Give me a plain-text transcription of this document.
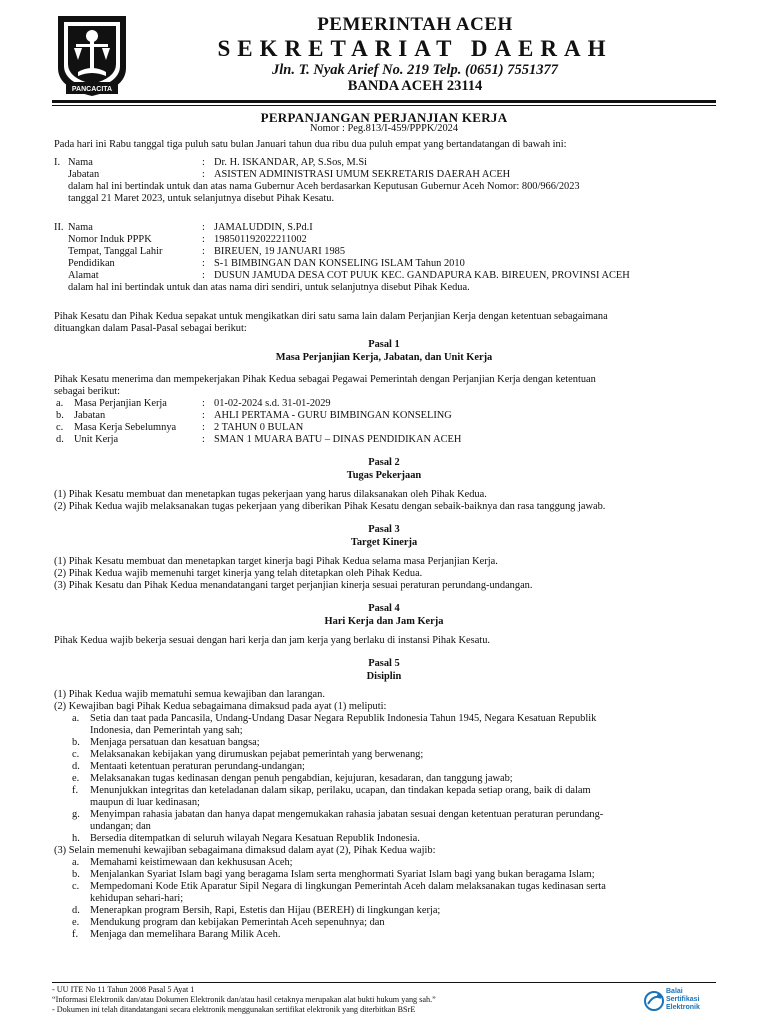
PANCACITA
PEMERINTAH ACEH
SEKRETARIAT DAERAH
Jln. T. Nyak Arief No. 219 Telp. (0651) 7551377
BANDA ACEH 23114
PERPANJANGAN PERJANJIAN KERJA
Nomor : Peg.813/I-459/PPPK/2024
Pada hari ini Rabu tanggal tiga puluh satu bulan Januari tahun dua ribu dua puluh empat yang bertandatangan di bawah ini:
I. Nama	: Dr. H. ISKANDAR, AP, S.Sos, M.Si
Jabatan	: ASISTEN ADMINISTRASI UMUM SEKRETARIS DAERAH ACEH
dalam hal ini bertindak untuk dan atas nama Gubernur Aceh berdasarkan Keputusan Gubernur Aceh Nomor: 800/966/2023
tanggal 21 Maret 2023, untuk selanjutnya disebut Pihak Kesatu.
II. Nama	: JAMALUDDIN, S.Pd.I
Nomor Induk PPPK	: 198501192022211002
Tempat, Tanggal Lahir	: BIREUEN, 19 JANUARI 1985
Pendidikan	: S-1 BIMBINGAN DAN KONSELING ISLAM Tahun 2010
Alamat	: DUSUN JAMUDA DESA COT PUUK KEC. GANDAPURA KAB. BIREUEN, PROVINSI ACEH
dalam hal ini bertindak untuk dan atas nama diri sendiri, untuk selanjutnya disebut Pihak Kedua.
Pihak Kesatu dan Pihak Kedua sepakat untuk mengikatkan diri satu sama lain dalam Perjanjian Kerja dengan ketentuan sebagaimana
dituangkan dalam Pasal-Pasal sebagai berikut:
Pasal 1
Masa Perjanjian Kerja, Jabatan, dan Unit Kerja
Pihak Kesatu menerima dan mempekerjakan Pihak Kedua sebagai Pegawai Pemerintah dengan Perjanjian Kerja dengan ketentuan
sebagai berikut:
a. Masa Perjanjian Kerja	: 01-02-2024 s.d. 31-01-2029
b. Jabatan	: AHLI PERTAMA - GURU BIMBINGAN KONSELING
c. Masa Kerja Sebelumnya : 2 TAHUN 0 BULAN
d. Unit Kerja	: SMAN 1 MUARA BATU – DINAS PENDIDIKAN ACEH
Pasal 2
Tugas Pekerjaan
(1) Pihak Kesatu membuat dan menetapkan tugas pekerjaan yang harus dilaksanakan oleh Pihak Kedua.
(2) Pihak Kedua wajib melaksanakan tugas pekerjaan yang diberikan Pihak Kesatu dengan sebaik-baiknya dan rasa tanggung jawab.
Pasal 3
Target Kinerja
(1) Pihak Kesatu membuat dan menetapkan target kinerja bagi Pihak Kedua selama masa Perjanjian Kerja.
(2) Pihak Kedua wajib memenuhi target kinerja yang telah ditetapkan oleh Pihak Kedua.
(3) Pihak Kesatu dan Pihak Kedua menandatangani target perjanjian kinerja sesuai peraturan perundang-undangan.
Pasal 4
Hari Kerja dan Jam Kerja
Pihak Kedua wajib bekerja sesuai dengan hari kerja dan jam kerja yang berlaku di instansi Pihak Kesatu.
Pasal 5
Disiplin
(1) Pihak Kedua wajib mematuhi semua kewajiban dan larangan.
(2) Kewajiban bagi Pihak Kedua sebagaimana dimaksud pada ayat (1) meliputi:
a. Setia dan taat pada Pancasila, Undang-Undang Dasar Negara Republik Indonesia Tahun 1945, Negara Kesatuan Republik
Indonesia, dan Pemerintah yang sah;
b. Menjaga persatuan dan kesatuan bangsa;
c. Melaksanakan kebijakan yang dirumuskan pejabat pemerintah yang berwenang;
d. Mentaati ketentuan peraturan perundang-undangan;
e. Melaksanakan tugas kedinasan dengan penuh pengabdian, kejujuran, kesadaran, dan tanggung jawab;
f. Menunjukkan integritas dan keteladanan dalam sikap, perilaku, ucapan, dan tindakan kepada setiap orang, baik di dalam
maupun di luar kedinasan;
g. Menyimpan rahasia jabatan dan hanya dapat mengemukakan rahasia jabatan sesuai dengan ketentuan peraturan perundang-
undangan; dan
h. Bersedia ditempatkan di seluruh wilayah Negara Kesatuan Republik Indonesia.
(3) Selain memenuhi kewajiban sebagaimana dimaksud dalam ayat (2), Pihak Kedua wajib:
a. Memahami keistimewaan dan kekhususan Aceh;
b. Menjalankan Syariat Islam bagi yang beragama Islam serta menghormati Syariat Islam bagi yang bukan beragama Islam;
c. Mempedomani Kode Etik Aparatur Sipil Negara di lingkungan Pemerintah Aceh dalam melaksanakan tugas kedinasan serta
kehidupan sehari-hari;
d. Menerapkan program Bersih, Rapi, Estetis dan Hijau (BEREH) di lingkungan kerja;
e. Mendukung program dan kebijakan Pemerintah Aceh sepenuhnya; dan
f. Menjaga dan memelihara Barang Milik Aceh.
- UU ITE No 11 Tahun 2008 Pasal 5 Ayat 1
“Informasi Elektronik dan/atau Dokumen Elektronik dan/atau hasil cetaknya merupakan alat bukti hukum yang sah.”
- Dokumen ini telah ditandatangani secara elektronik menggunakan sertifikat elektronik yang diterbitkan BSrE
Balai
Sertifikasi
Elektronik
